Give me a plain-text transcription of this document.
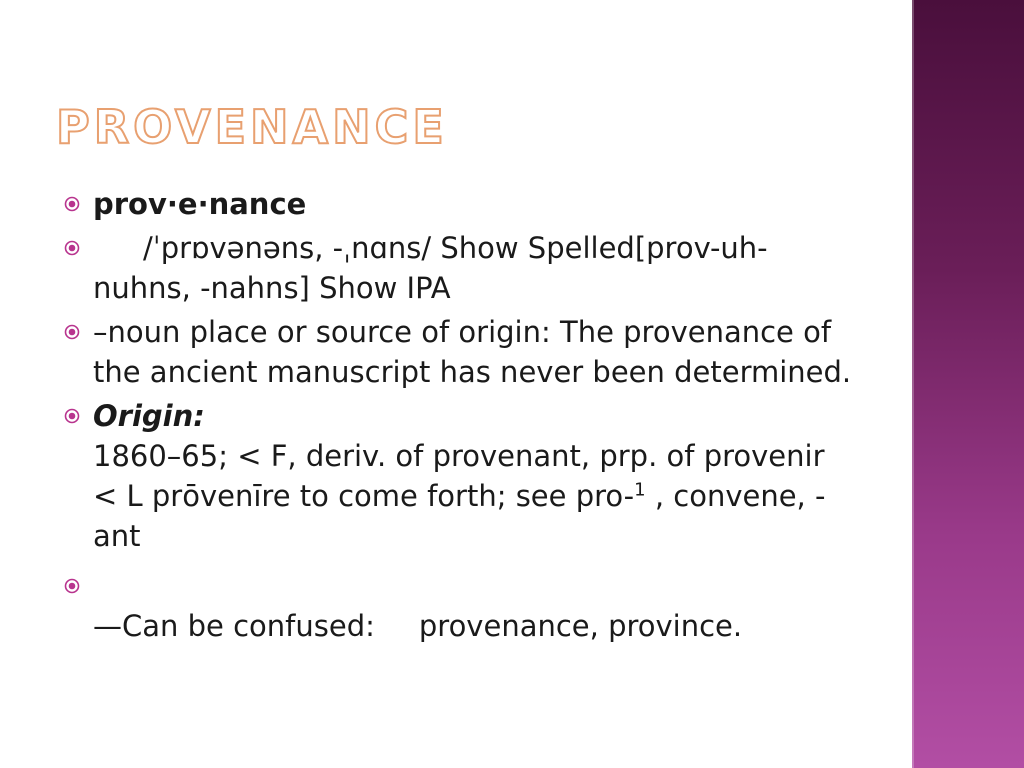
PROVENANCE
prov·e·nance
/ˈprɒvənəns, -ˌnɑns/ Show Spelled[prov-uh-nuhns, -nahns] Show IPA
–noun place or source of origin: The provenance of the ancient manuscript has never been determined.
Origin:
1860–65; < F, deriv. of provenant, prp. of provenir < L prōvenīre to come forth; see pro-$^1$ , convene, -ant
—Can be confused: provenance, province.
